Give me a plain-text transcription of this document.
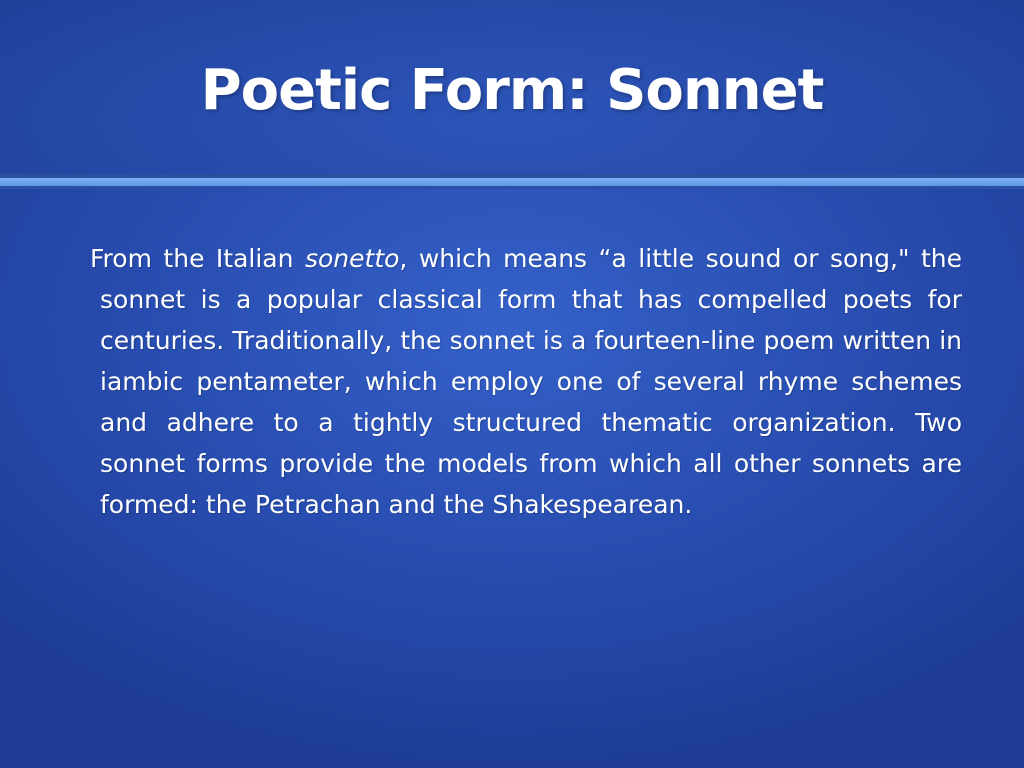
Poetic Form: Sonnet

From the Italian sonetto, which means “a little sound or song," the sonnet is a popular classical form that has compelled poets for centuries. Traditionally, the sonnet is a fourteen-line poem written in iambic pentameter, which employ one of several rhyme schemes and adhere to a tightly structured thematic organization. Two sonnet forms provide the models from which all other sonnets are formed: the Petrachan and the Shakespearean.
